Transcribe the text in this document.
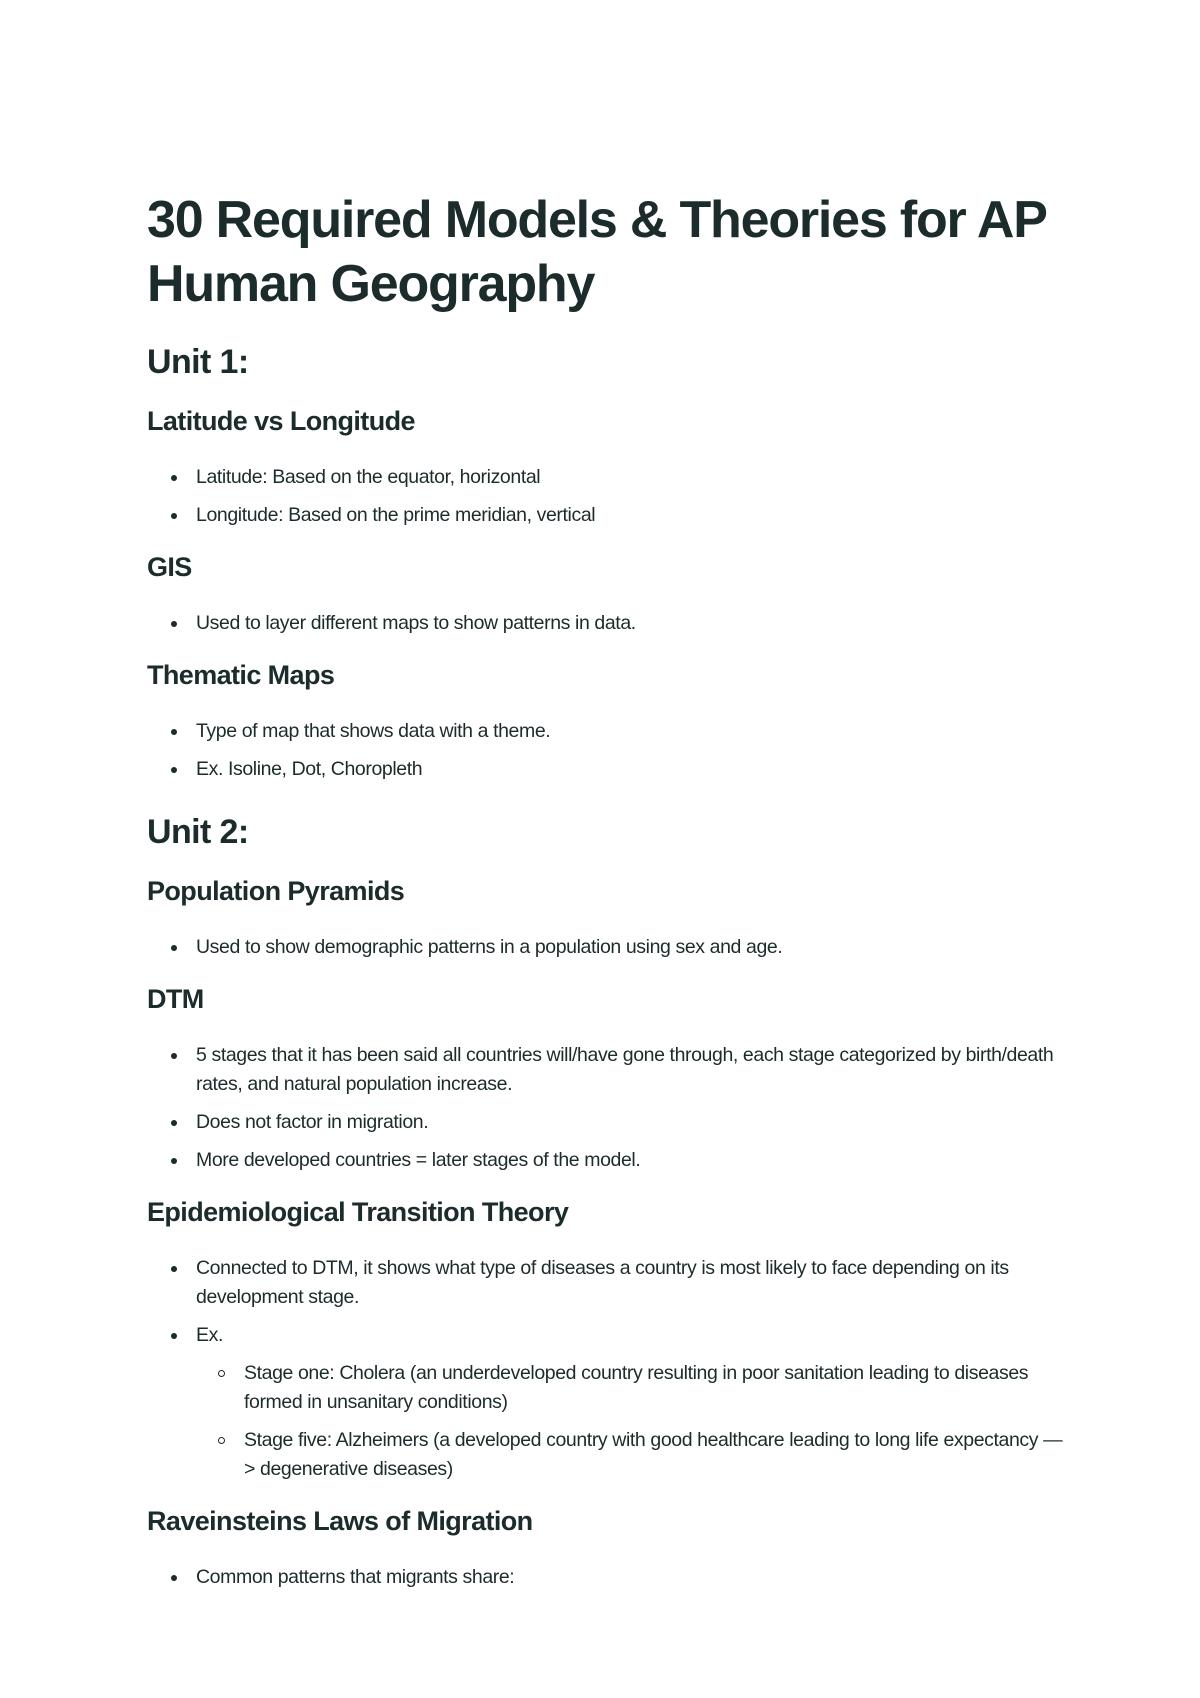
30 Required Models & Theories for AP Human Geography
Unit 1:
Latitude vs Longitude
Latitude: Based on the equator, horizontal
Longitude: Based on the prime meridian, vertical
GIS
Used to layer different maps to show patterns in data.
Thematic Maps
Type of map that shows data with a theme.
Ex. Isoline, Dot, Choropleth
Unit 2:
Population Pyramids
Used to show demographic patterns in a population using sex and age.
DTM
5 stages that it has been said all countries will/have gone through, each stage categorized by birth/death rates, and natural population increase.
Does not factor in migration.
More developed countries = later stages of the model.
Epidemiological Transition Theory
Connected to DTM, it shows what type of diseases a country is most likely to face depending on its development stage.
Ex.
Stage one: Cholera (an underdeveloped country resulting in poor sanitation leading to diseases formed in unsanitary conditions)
Stage five: Alzheimers (a developed country with good healthcare leading to long life expectancy —> degenerative diseases)
Raveinsteins Laws of Migration
Common patterns that migrants share:
